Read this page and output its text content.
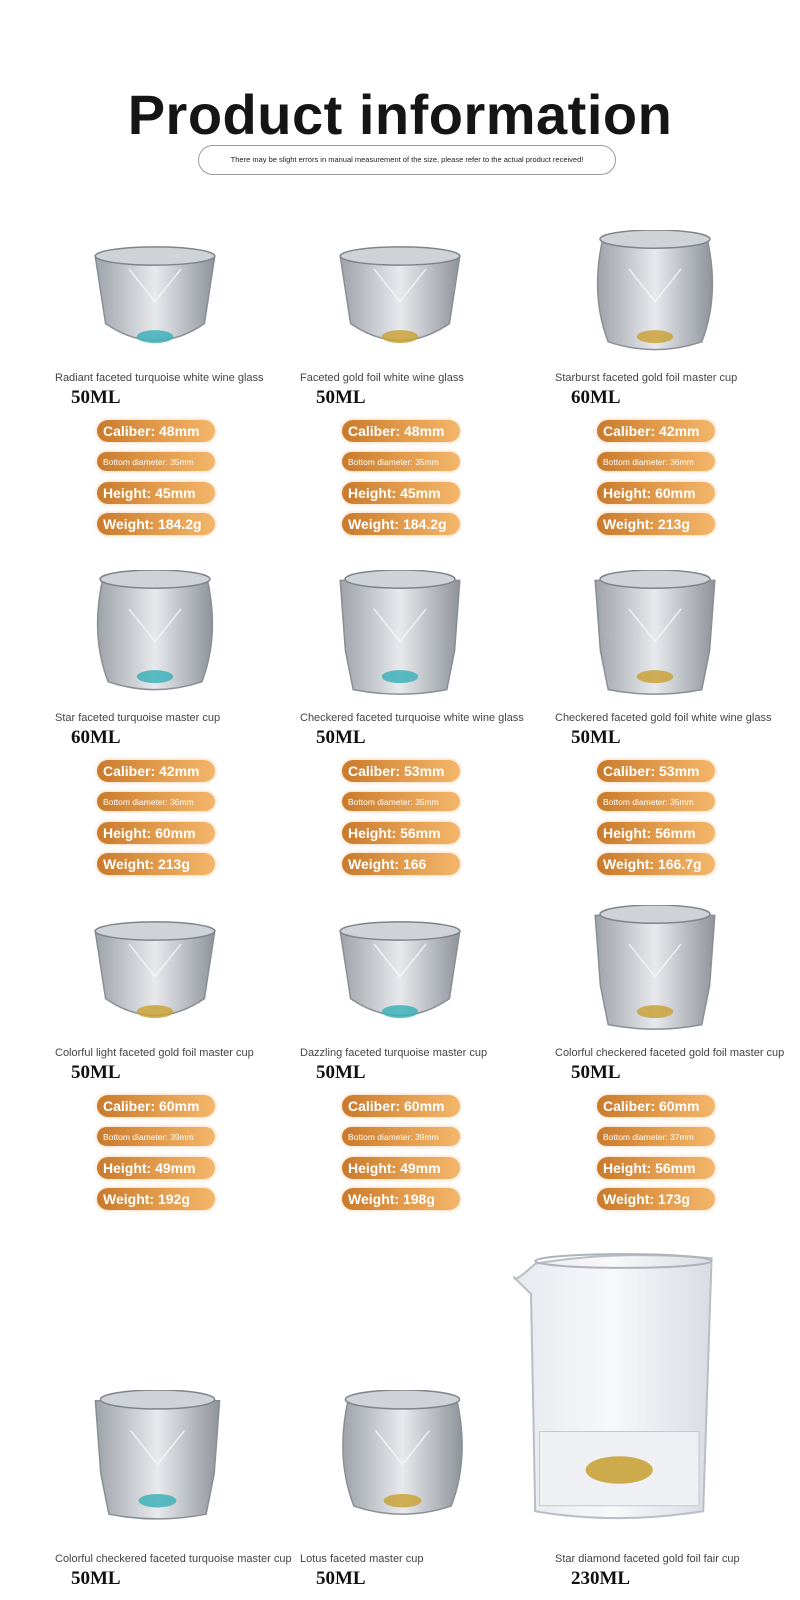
Product information
There may be slight errors in manual measurement of the size, please refer to the actual product received!
Radiant faceted turquoise white wine glass
50ML
Caliber: 48mm
Bottom diameter: 35mm
Height: 45mm
Weight: 184.2g
Faceted gold foil white wine glass
50ML
Caliber: 48mm
Bottom diameter: 35mm
Height: 45mm
Weight: 184.2g
Starburst faceted gold foil master cup
60ML
Caliber: 42mm
Bottom diameter: 36mm
Height: 60mm
Weight: 213g
Star faceted turquoise master cup
60ML
Caliber: 42mm
Bottom diameter: 36mm
Height: 60mm
Weight: 213g
Checkered faceted turquoise white wine glass
50ML
Caliber: 53mm
Bottom diameter: 35mm
Height: 56mm
Weight: 166
Checkered faceted gold foil white wine glass
50ML
Caliber: 53mm
Bottom diameter: 35mm
Height: 56mm
Weight: 166.7g
Colorful light faceted gold foil master cup
50ML
Caliber: 60mm
Bottom diameter: 39mm
Height: 49mm
Weight: 192g
Dazzling faceted turquoise master cup
50ML
Caliber: 60mm
Bottom diameter: 39mm
Height: 49mm
Weight: 198g
Colorful checkered faceted gold foil master cup
50ML
Caliber: 60mm
Bottom diameter: 37mm
Height: 56mm
Weight: 173g
Colorful checkered faceted turquoise master cup
50ML
Lotus faceted master cup
50ML
Star diamond faceted gold foil fair cup
230ML
